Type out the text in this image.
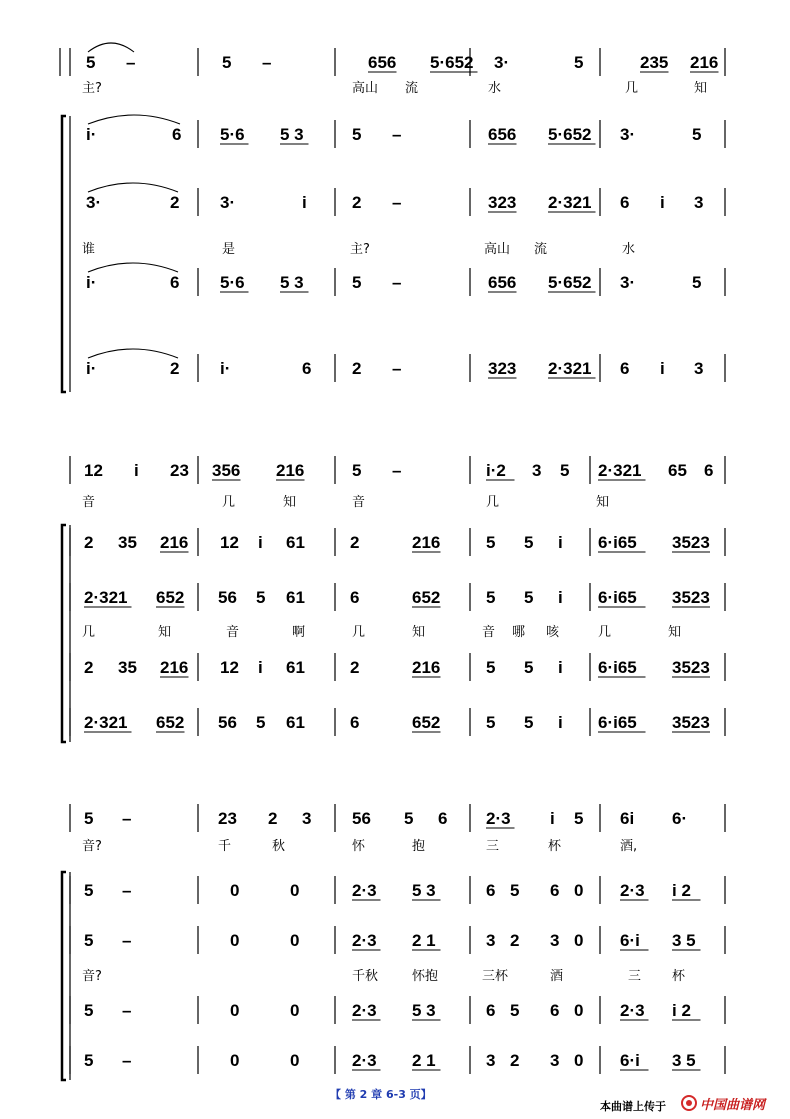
5 –	5 –	656 5·652 3·	5	235 216
主?	高山 流	水	几	知
i·	6 5·6 5 3	5 –	656 5·652 3·	5
3·	2 3·	i	2 –	323 2·321 6 i 3
谁	是	主?	高山 流	水
i·	6 5·6 5 3	5 –	656 5·652 3·	5
i·	2 i·	6 2 –	323 2·321 6 i 3
12 i 23 356 216	5 –	i·2 3 5 2·321 65 6
音	几	知	音	几	知
2 35 216 12 i 61	2	216	5 5 i 6·i65 3523
2·321 652 56 5 61	6	652	5 5 i 6·i65 3523
几	知	音	啊	几	知	音 哪 咳	几	知
2 35 216 12 i 61	2	216	5 5 i 6·i65 3523
2·321 652 56 5 61	6	652	5 5 i 6·i65 3523
5 –	23 2 3 56 5 6 2·3 i 5 6i 6·
音?	千	秋	怀	抱	三	杯	酒,
5 –	0	0	2·3 5 3	6 5 6 0 2·3 i 2
5 –	0	0	2·3 2 1	3 2 3 0 6·i 3 5
音?	千秋	怀抱	三杯	酒	三 杯
5 –	0	0	2·3 5 3	6 5 6 0 2·3 i 2
5 –	0	0	2·3 2 1	3 2 3 0 6·i 3 5
【 第 2 章 6-3 页】
本曲谱上传于	中国曲谱网
